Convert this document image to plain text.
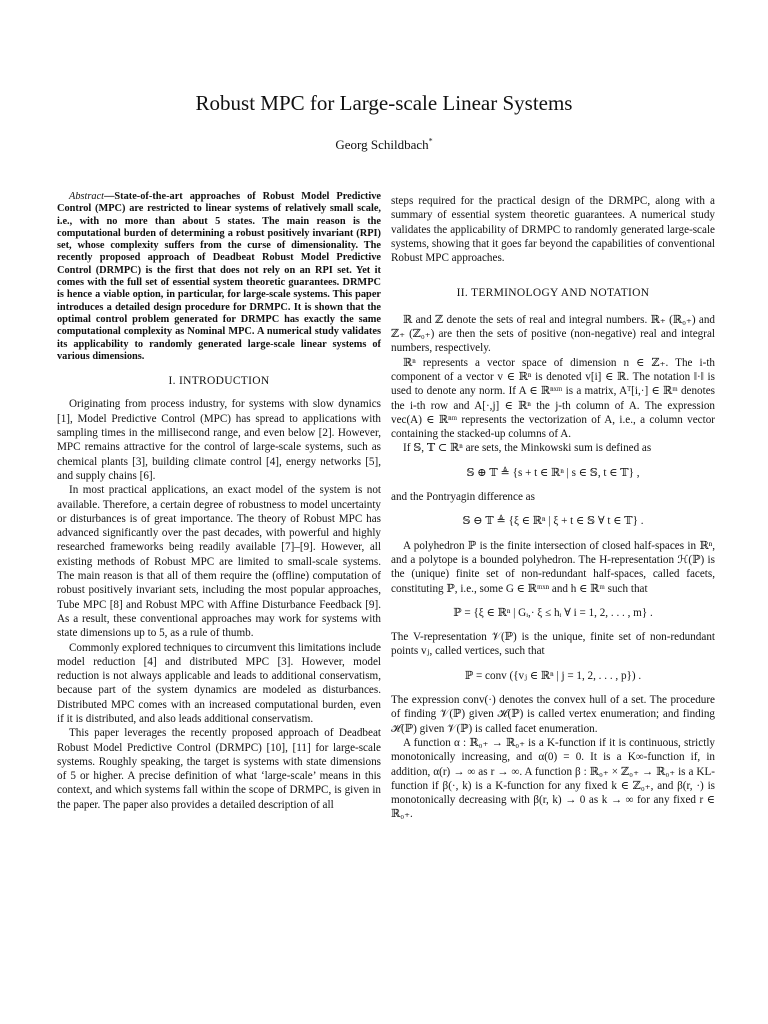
Robust MPC for Large-scale Linear Systems
Georg Schildbach*

Abstract—State-of-the-art approaches of Robust Model Predictive Control (MPC) are restricted to linear systems of relatively small scale, i.e., with no more than about 5 states. The main reason is the computational burden of determining a robust positively invariant (RPI) set, whose complexity suffers from the curse of dimensionality. The recently proposed approach of Deadbeat Robust Model Predictive Control (DRMPC) is the first that does not rely on an RPI set. Yet it comes with the full set of essential system theoretic guarantees. DRMPC is hence a viable option, in particular, for large-scale systems. This paper introduces a detailed design procedure for DRMPC. It is shown that the optimal control problem generated for DRMPC has exactly the same computational complexity as Nominal MPC. A numerical study validates its applicability to randomly generated large-scale linear systems of various dimensions.

I. INTRODUCTION

Originating from process industry, for systems with slow dynamics [1], Model Predictive Control (MPC) has spread to applications with sampling times in the millisecond range, and even below [2]. However, MPC remains attractive for the control of large-scale systems, such as chemical plants [3], building climate control [4], energy networks [5], and supply chains [6].

In most practical applications, an exact model of the system is not available. Therefore, a certain degree of robustness to model uncertainty or disturbances is of great importance. The theory of Robust MPC has advanced significantly over the past decades, with powerful and highly researched frameworks being readily available [7]–[9]. However, all existing methods of Robust MPC are limited to small-scale systems. The main reason is that all of them require the (offline) computation of robust positively invariant sets, including the most popular approaches, Tube MPC [8] and Robust MPC with Affine Disturbance Feedback [9]. As a result, these conventional approaches may work for systems with state dimensions up to 5, as a rule of thumb.

Commonly explored techniques to circumvent this limitations include model reduction [4] and distributed MPC [3]. However, model reduction is not always applicable and leads to additional conservatism, because part of the system dynamics are modeled as disturbances. Distributed MPC comes with an increased computational burden, even if it is distributed, and also leads additional conservatism.

This paper leverages the recently proposed approach of Deadbeat Robust Model Predictive Control (DRMPC) [10], [11] for large-scale systems. Roughly speaking, the target is systems with state dimensions of 5 or higher. A precise definition of what ‘large-scale’ means in this context, and which systems fall within the scope of DRMPC, is given in the paper. The paper also provides a detailed description of all

steps required for the practical design of the DRMPC, along with a summary of essential system theoretic guarantees. A numerical study validates the applicability of DRMPC to randomly generated large-scale systems, showing that it goes far beyond the capabilities of conventional Robust MPC approaches.

II. TERMINOLOGY AND NOTATION

ℝ and ℤ denote the sets of real and integral numbers. ℝ₊ (ℝ₀₊) and ℤ₊ (ℤ₀₊) are then the sets of positive (non-negative) real and integral numbers, respectively.

ℝⁿ represents a vector space of dimension n ∈ ℤ₊. The i-th component of a vector v ∈ ℝⁿ is denoted v[i] ∈ ℝ. The notation ‖·‖ is used to denote any norm. If A ∈ ℝⁿˣᵐ is a matrix, Aᵀ[i,·] ∈ ℝᵐ denotes the i-th row and A[·,j] ∈ ℝⁿ the j-th column of A. The expression vec(A) ∈ ℝⁿᵐ represents the vectorization of A, i.e., a column vector containing the stacked-up columns of A.

If 𝕊, 𝕋 ⊂ ℝⁿ are sets, the Minkowski sum is defined as

𝕊 ⊕ 𝕋 ≜ {s + t ∈ ℝⁿ | s ∈ 𝕊, t ∈ 𝕋} ,

and the Pontryagin difference as

𝕊 ⊖ 𝕋 ≜ {ξ ∈ ℝⁿ | ξ + t ∈ 𝕊 ∀ t ∈ 𝕋} .

A polyhedron ℙ is the finite intersection of closed half-spaces in ℝⁿ, and a polytope is a bounded polyhedron. The H-representation ℋ(ℙ) is the (unique) finite set of non-redundant half-spaces, called facets, constituting ℙ, i.e., some G ∈ ℝᵐˣⁿ and h ∈ ℝᵐ such that

ℙ = {ξ ∈ ℝⁿ | Gᵢ,· ξ ≤ hᵢ ∀ i = 1, 2, . . . , m} .

The V-representation 𝒱(ℙ) is the unique, finite set of non-redundant points vⱼ, called vertices, such that

ℙ = conv ({vⱼ ∈ ℝⁿ | j = 1, 2, . . . , p}) .

The expression conv(·) denotes the convex hull of a set. The procedure of finding 𝒱(ℙ) given ℋ(ℙ) is called vertex enumeration; and finding ℋ(ℙ) given 𝒱(ℙ) is called facet enumeration.

A function α : ℝ₀₊ → ℝ₀₊ is a K-function if it is continuous, strictly monotonically increasing, and α(0) = 0. It is a K∞-function if, in addition, α(r) → ∞ as r → ∞. A function β : ℝ₀₊ × ℤ₀₊ → ℝ₀₊ is a KL-function if β(·, k) is a K-function for any fixed k ∈ ℤ₀₊, and β(r, ·) is monotonically decreasing with β(r, k) → 0 as k → ∞ for any fixed r ∈ ℝ₀₊.
